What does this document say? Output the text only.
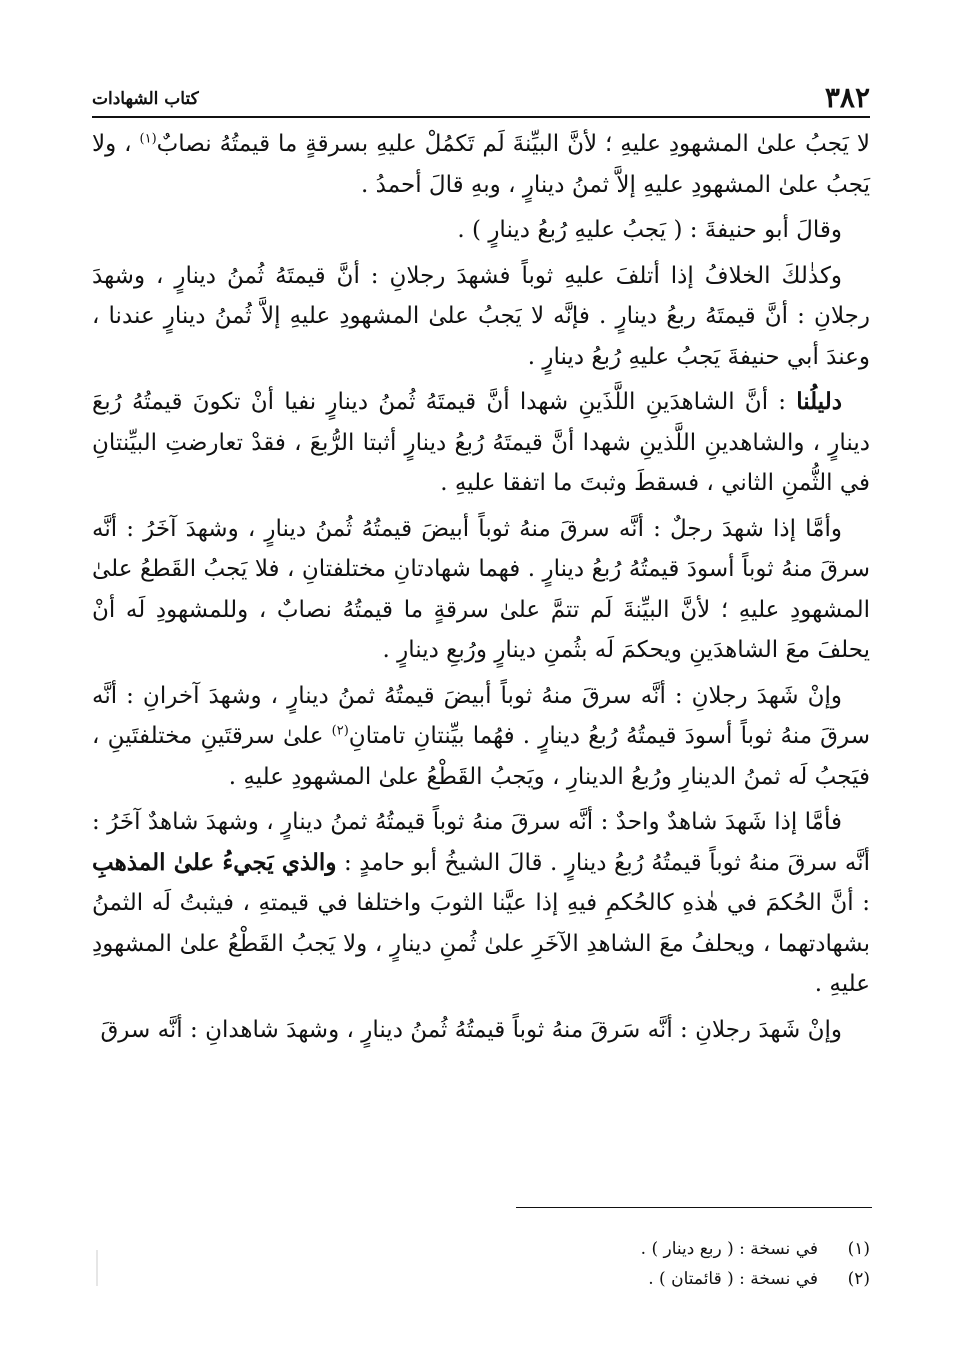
٣٨٢
كتاب الشهادات

لا يَجبُ علىٰ المشهودِ عليهِ ؛ لأنَّ البيِّنةَ لَم تَكمُلْ عليهِ بسرقةٍ ما قيمتُهُ نصابٌ$^{(١)}$ ، ولا يَجبُ علىٰ المشهودِ عليهِ إلاَّ ثمنُ دينارٍ ، وبهِ قالَ أحمدُ .

وقالَ أبو حنيفةَ : ( يَجبُ عليهِ رُبعُ دينارٍ ) .

وكذٰلكَ الخلافُ إذا أتلفَ عليهِ ثوباً فشهدَ رجلانِ : أنَّ قيمتَهُ ثُمنُ دينارٍ ، وشهدَ رجلانِ : أنَّ قيمتَهُ ربعُ دينارٍ . فإنَّه لا يَجبُ علىٰ المشهودِ عليهِ إلاَّ ثُمنُ دينارٍ عندنا ، وعندَ أبي حنيفةَ يَجبُ عليهِ رُبعُ دينارٍ .

دليلُنا : أنَّ الشاهدَينِ اللَّذَينِ شهدا أنَّ قيمتَهُ ثُمنُ دينارٍ نفيا أنْ تكونَ قيمتُهُ رُبعَ دينارٍ ، والشاهدينِ اللَّذينِ شهدا أنَّ قيمتَهُ رُبعُ دينارٍ أثبتا الرُّبعَ ، فقدْ تعارضتِ البيِّنتانِ في الثُّمنِ الثاني ، فسقطَ وثبتَ ما اتفقا عليهِ .

وأمَّا إذا شهدَ رجلٌ : أنَّه سرقَ منهُ ثوباً أبيضَ قيمتُهُ ثُمنُ دينارٍ ، وشهدَ آخَرُ : أنَّه سرقَ منهُ ثوباً أسودَ قيمتُهُ رُبعُ دينارٍ . فهما شهادتانِ مختلفتانِ ، فلا يَجبُ القَطعُ علىٰ المشهودِ عليهِ ؛ لأنَّ البيِّنةَ لَم تتمَّ علىٰ سرقةٍ ما قيمتُهُ نصابٌ ، وللمشهودِ لَه أنْ يحلفَ معَ الشاهدَينِ ويحكمَ لَه بثُمنِ دينارٍ ورُبعِ دينارٍ .

وإنْ شَهدَ رجلانِ : أنَّه سرقَ منهُ ثوباً أبيضَ قيمتُهُ ثمنُ دينارٍ ، وشهدَ آخرانِ : أنَّه سرقَ منهُ ثوباً أسودَ قيمتُهُ رُبعُ دينارٍ . فهُما بيِّنتانِ تامتانِ$^{(٢)}$ علىٰ سرقتَينِ مختلفتَينِ ، فيَجبُ لَه ثمنُ الدينارِ ورُبعُ الدينارِ ، ويَجبُ القَطْعُ علىٰ المشهودِ عليهِ .

فأمَّا إذا شَهدَ شاهدٌ واحدٌ : أنَّه سرقَ منهُ ثوباً قيمتُهُ ثمنُ دينارٍ ، وشهدَ شاهدٌ آخَرُ : أنَّه سرقَ منهُ ثوباً قيمتُهُ رُبعُ دينارٍ . قالَ الشيخُ أبو حامدٍ : والذي يَجيءُ علىٰ المذهبِ : أنَّ الحُكمَ في هٰذهِ كالحُكمِ فيهِ إذا عيَّنا الثوبَ واختلفا في قيمتهِ ، فيثبتُ لَه الثمنُ بشهادتهما ، ويحلفُ معَ الشاهدِ الآخَرِ علىٰ ثُمنِ دينارٍ ، ولا يَجبُ القَطْعُ علىٰ المشهودِ عليهِ .

وإنْ شَهدَ رجلانِ : أنَّه سَرقَ منهُ ثوباً قيمتُهُ ثُمنُ دينارٍ ، وشهدَ شاهدانِ : أنَّه سرقَ

(١)
في نسخة : ( ربع دينار ) .
(٢)
في نسخة : ( قائمتان ) .
